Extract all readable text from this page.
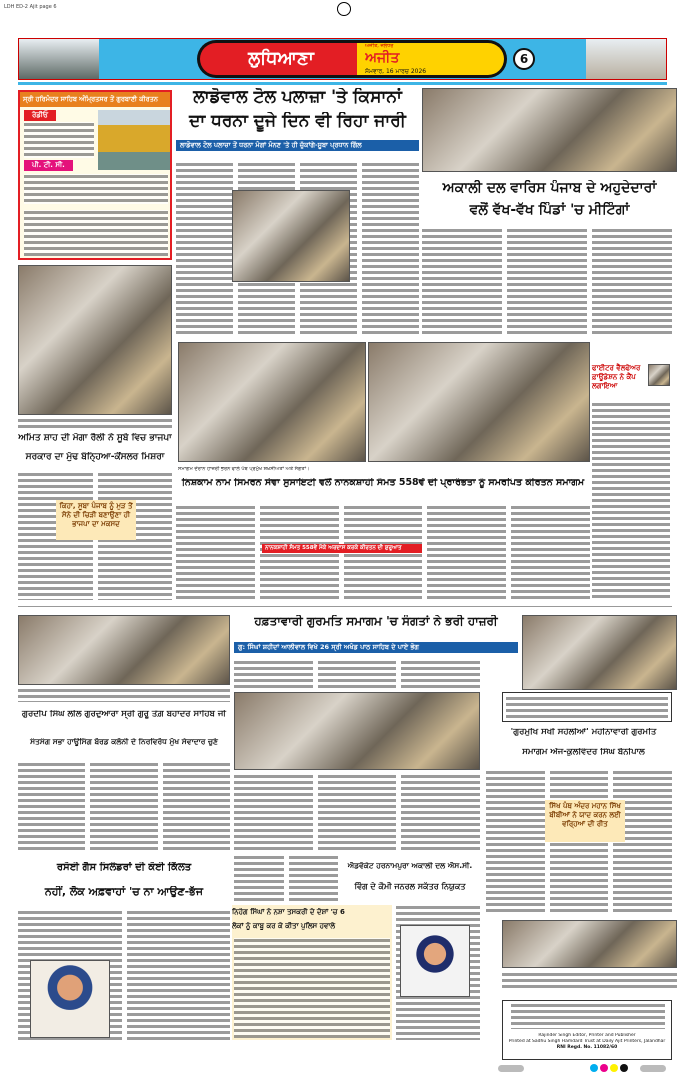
LDH ED-2 Ajit page 6
ਲੁਧਿਆਣਾ
ਅਜੀਤ, ਜਲੰਧਰ
ਅਜੀਤ
ਸੋਮਵਾਰ, 16 ਮਾਰਚ 2026
6
ਸ੍ਰੀ ਹਰਿਮੰਦਰ ਸਾਹਿਬ ਅੰਮ੍ਰਿਤਸਰ ਤੋਂ ਗੁਰਬਾਣੀ ਕੀਰਤਨ
ਰੇਡੀਓ
ਪੀ. ਟੀ. ਸੀ.
ਅਮਿਤ ਸ਼ਾਹ ਦੀ ਮੋਗਾ ਰੈਲੀ ਨੇ ਸੂਬੇ ਵਿਚ ਭਾਜਪਾ
ਸਰਕਾਰ ਦਾ ਮੁੱਢ ਬੰਨ੍ਹਿਆ-ਕੌਂਸਲਰ ਮਿਸ਼ਰਾ
ਕਿਹਾ, ਸੂਬਾ ਪੰਜਾਬ ਨੂੰ ਮੁੜ ਤੋਂ ਸੋਨੇ ਦੀ ਚਿੜੀ ਬਣਾਉਣਾ ਹੀ ਭਾਜਪਾ ਦਾ ਮਕਸਦ
ਲਾਡੋਵਾਲ ਟੋਲ ਪਲਾਜ਼ਾ 'ਤੇ ਕਿਸਾਨਾਂ
ਦਾ ਧਰਨਾ ਦੂਜੇ ਦਿਨ ਵੀ ਰਿਹਾ ਜਾਰੀ
ਲਾਡੋਵਾਲ ਟੋਲ ਪਲਾਜ਼ਾ ਤੋਂ ਧਰਨਾ ਮੰਗਾਂ ਮੰਨਣ 'ਤੇ ਹੀ ਚੁੱਕਾਂਗੇ-ਸੂਬਾ ਪ੍ਰਧਾਨ ਗਿੱਲ
ਅਕਾਲੀ ਦਲ ਵਾਰਿਸ ਪੰਜਾਬ ਦੇ ਅਹੁਦੇਦਾਰਾਂ
ਵਲੋਂ ਵੱਖ-ਵੱਖ ਪਿੰਡਾਂ 'ਚ ਮੀਟਿੰਗਾਂ
ਸਮਾਗਮ ਦੌਰਾਨ ਹਾਜ਼ਰੀ ਭਰਨ ਵਾਲੇ ਪੰਥ ਪ੍ਰਮੁੱਖ ਸ਼ਖ਼ਸੀਅਤਾਂ ਅਤੇ ਸੰਗਤਾਂ।
ਨਿਸ਼ਕਾਮ ਨਾਮ ਸਿਮਰਨ ਸੇਵਾ ਸੁਸਾਇਟੀ ਵਲੋਂ ਨਾਨਕਸ਼ਾਹੀ ਸੰਮਤ 558ਵੇਂ ਦੀ ਪ੍ਰਾਰੰਭਤਾ ਨੂੰ ਸਮਰਪਿਤ ਕੀਰਤਨ ਸਮਾਗਮ
ਨਾਨਕਸ਼ਾਹੀ ਸੰਮਤ 558ਵੇਂ ਮੌਕੇ ਅਰਦਾਸ ਕਰਕੇ ਕੀਰਤਨ ਦੀ ਸ਼ੁਰੂਆਤ
ਫਾਈਟਰ ਵੈੱਲਫੇਅਰ ਫ਼ਾਊਂਡੇਸ਼ਨ ਨੇ ਕੈਂਪ ਲਗਾਇਆ
ਗੁਰਦੀਪ ਸਿੰਘ ਲੀਲ ਗੁਰਦੁਆਰਾ ਸ੍ਰੀ ਗੁਰੂ ਤੇਗ਼ ਬਹਾਦਰ ਸਾਹਿਬ ਜੀ
ਸੰਤਸੰਗ ਸਭਾ ਹਾਊਸਿੰਗ ਬੋਰਡ ਕਲੋਨੀ ਦੇ ਨਿਰਵਿਰੋਧ ਮੁੱਖ ਸੇਵਾਦਾਰ ਚੁਣੇ
ਰਸੋਈ ਗੈਸ ਸਿਲੰਡਰਾਂ ਦੀ ਕੋਈ ਕਿੱਲਤ
ਨਹੀਂ, ਲੋਕ ਅਫ਼ਵਾਹਾਂ 'ਚ ਨਾ ਆਉਣ-ਭੱਜ
ਹਫ਼ਤਾਵਾਰੀ ਗੁਰਮਤਿ ਸਮਾਗਮ 'ਚ ਸੰਗਤਾਂ ਨੇ ਭਰੀ ਹਾਜ਼ਰੀ
ਗੁ: ਸਿੰਘਾਂ ਸ਼ਹੀਦਾਂ ਆਲੀਵਾਲ ਵਿਖੇ 26 ਸ੍ਰੀ ਅਖੰਡ ਪਾਠ ਸਾਹਿਬ ਦੇ ਪਾਏ ਭੋਗ
ਐਡਵੋਕੇਟ ਹਰਨਾਮਪੁਰਾ ਅਕਾਲੀ ਦਲ ਐਸ.ਸੀ.
ਵਿੰਗ ਦੇ ਕੌਮੀ ਜਨਰਲ ਸਕੱਤਰ ਨਿਯੁਕਤ
ਨਿਹੰਗ ਸਿੰਘਾਂ ਨੇ ਨਸ਼ਾ ਤਸਕਰੀ ਦੇ ਦੋਸ਼ਾਂ 'ਚ 6
ਲੋਕਾਂ ਨੂੰ ਕਾਬੂ ਕਰ ਕੇ ਕੀਤਾ ਪੁਲਿਸ ਹਵਾਲੇ
'ਗੁਰਮੁਖਿ ਸਖੀ ਸਹੇਲੀਆਂ' ਮਹੀਨਾਵਾਰੀ ਗੁਰਮਤਿ
ਸਮਾਗਮ ਅੱਜ-ਕੁਲਵਿੰਦਰ ਸਿੰਘ ਬੈਨੀਪਾਲ
ਸਿੱਖ ਪੰਥ ਅੰਦਰ ਮਹਾਨ ਸਿੱਖ ਬੀਬੀਆਂ ਨੇ ਯਾਦ ਕਰਨ ਲਈ ਵਰ੍ਹਿਆਂ ਦੀ ਰੀਤ
Rajinder Singh Editor, Printer and Publisher
Printed at Sadhu Singh Hamdard Trust at Daily Ajit Printers, Jalandhar
RNI Regd. No. 11082/60
